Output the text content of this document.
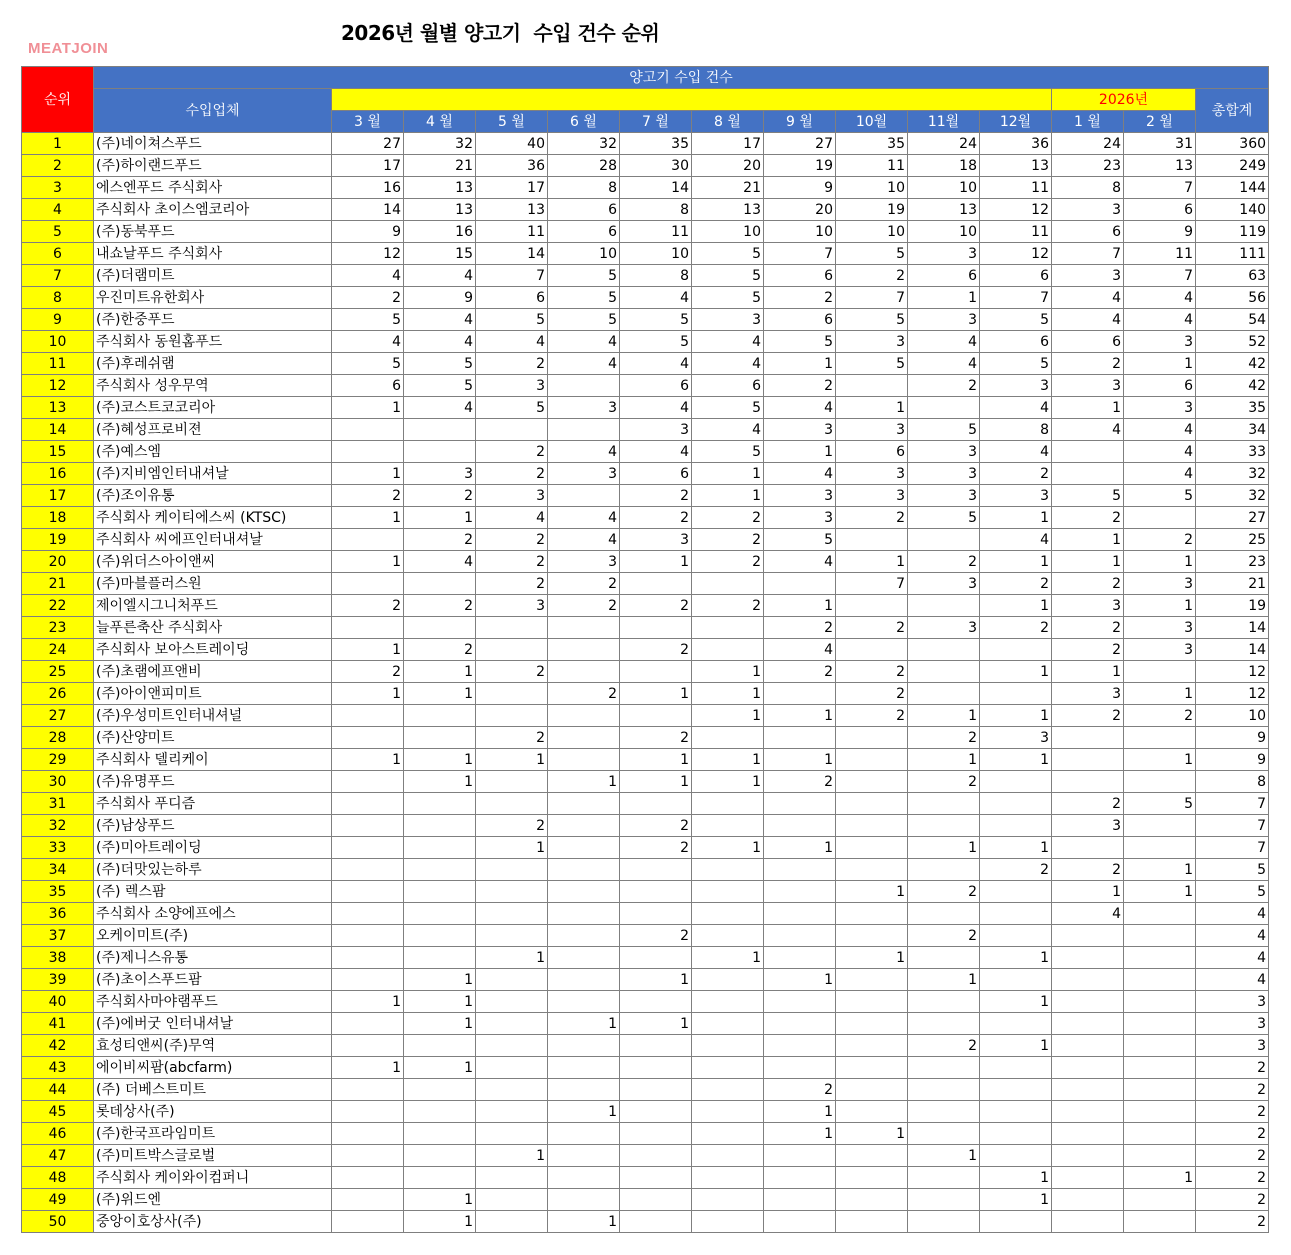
2026년 월별 양고기  수입 건수 순위
MEATJOIN
순위	양고기 수입 건수													
	수입업체											2026년		총합계
		3 월	4 월	5 월	6 월	7 월	8 월	9 월	10월	11월	12월	1 월	2 월	
1	(주)네이쳐스푸드	27	32	40	32	35	17	27	35	24	36	24	31	360
2	(주)하이랜드푸드	17	21	36	28	30	20	19	11	18	13	23	13	249
3	에스엔푸드 주식회사	16	13	17	8	14	21	9	10	10	11	8	7	144
4	주식회사 초이스엠코리아	14	13	13	6	8	13	20	19	13	12	3	6	140
5	(주)동북푸드	9	16	11	6	11	10	10	10	10	11	6	9	119
6	내쇼날푸드 주식회사	12	15	14	10	10	5	7	5	3	12	7	11	111
7	(주)더램미트	4	4	7	5	8	5	6	2	6	6	3	7	63
8	우진미트유한회사	2	9	6	5	4	5	2	7	1	7	4	4	56
9	(주)한중푸드	5	4	5	5	5	3	6	5	3	5	4	4	54
10	주식회사 동원홈푸드	4	4	4	4	5	4	5	3	4	6	6	3	52
11	(주)후레쉬램	5	5	2	4	4	4	1	5	4	5	2	1	42
12	주식회사 성우무역	6	5	3		6	6	2		2	3	3	6	42
13	(주)코스트코코리아	1	4	5	3	4	5	4	1		4	1	3	35
14	(주)혜성프로비젼					3	4	3	3	5	8	4	4	34
15	(주)예스엠			2	4	4	5	1	6	3	4		4	33
16	(주)지비엠인터내셔날	1	3	2	3	6	1	4	3	3	2		4	32
17	(주)조이유통	2	2	3		2	1	3	3	3	3	5	5	32
18	주식회사 케이티에스씨 (KTSC)	1	1	4	4	2	2	3	2	5	1	2		27
19	주식회사 씨에프인터내셔날		2	2	4	3	2	5			4	1	2	25
20	(주)위더스아이앤씨	1	4	2	3	1	2	4	1	2	1	1	1	23
21	(주)마블플러스원			2	2				7	3	2	2	3	21
22	제이엘시그니처푸드	2	2	3	2	2	2	1			1	3	1	19
23	늘푸른축산 주식회사							2	2	3	2	2	3	14
24	주식회사 보아스트레이딩	1	2			2		4				2	3	14
25	(주)초램에프앤비	2	1	2			1	2	2		1	1		12
26	(주)아이앤피미트	1	1		2	1	1		2			3	1	12
27	(주)우성미트인터내셔널						1	1	2	1	1	2	2	10
28	(주)산양미트			2		2				2	3			9
29	주식회사 델리케이	1	1	1		1	1	1		1	1		1	9
30	(주)유명푸드		1		1	1	1	2		2				8
31	주식회사 푸디즘											2	5	7
32	(주)남상푸드			2		2						3		7
33	(주)미아트레이딩			1		2	1	1		1	1			7
34	(주)더맛있는하루										2	2	1	5
35	(주) 렉스팜								1	2		1	1	5
36	주식회사 소양에프에스											4		4
37	오케이미트(주)					2				2				4
38	(주)제니스유통			1			1		1		1			4
39	(주)초이스푸드팜		1			1		1		1				4
40	주식회사마야램푸드	1	1								1			3
41	(주)에버굿 인터내셔날		1		1	1								3
42	효성티앤씨(주)무역									2	1			3
43	에이비씨팜(abcfarm)	1	1											2
44	(주) 더베스트미트							2						2
45	롯데상사(주)				1			1						2
46	(주)한국프라임미트							1	1					2
47	(주)미트박스글로벌			1						1				2
48	주식회사 케이와이컴퍼니										1		1	2
49	(주)위드엔		1								1			2
50	중앙이호상사(주)		1		1									2
